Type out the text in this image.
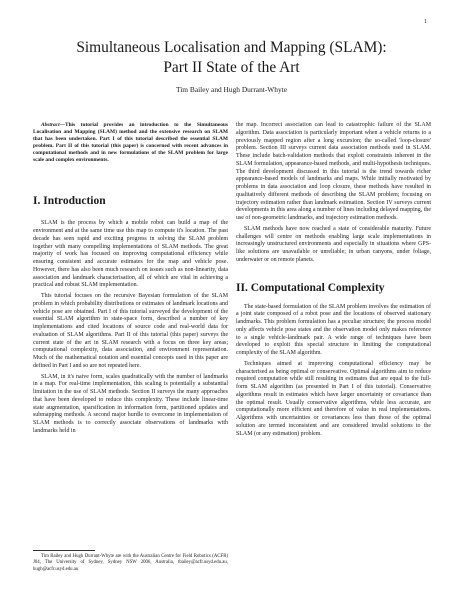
1
Simultaneous Localisation and Mapping (SLAM):
Part II State of the Art
Tim Bailey and Hugh Durrant-Whyte

Abstract—This tutorial provides an introduction to the Simultaneous Localisation and Mapping (SLAM) method and the extensive research on SLAM that has been undertaken. Part I of this tutorial described the essential SLAM problem. Part II of this tutorial (this paper) is concerned with recent advances in computational methods and in new formulations of the SLAM problem for large scale and complex environments.

I. Introduction

SLAM is the process by which a mobile robot can build a map of the environment and at the same time use this map to compute it's location. The past decade has seen rapid and exciting progress in solving the SLAM problem together with many compelling implementations of SLAM methods. The great majority of work has focused on improving computational efficiency while ensuring consistent and accurate estimates for the map and vehicle pose. However, there has also been much research on issues such as non-linearity, data association and landmark characterisation, all of which are vital in achieving a practical and robust SLAM implementation.

This tutorial focuses on the recursive Bayesian formulation of the SLAM problem in which probability distributions or estimates of landmark locations and vehicle pose are obtained. Part I of this tutorial surveyed the development of the essential SLAM algorithm in state-space form, described a number of key implementations and cited locations of source code and real-world data for evaluation of SLAM algorithms. Part II of this tutorial (this paper) surveys the current state of the art in SLAM research with a focus on three key areas; computational complexity, data association, and environment representation. Much of the mathematical notation and essential concepts used in this paper are defined in Part I and so are not repeated here.

SLAM, in it's naive form, scales quadratically with the number of landmarks in a map. For real-time implementation, this scaling is potentially a substantial limitation in the use of SLAM methods. Section II surveys the many approaches that have been developed to reduce this complexity. These include linear-time state augmentation, sparsification in information form, partitioned updates and submapping methods. A second major hurdle to overcome in implementation of SLAM methods is to correctly associate observations of landmarks with landmarks held in

Tim Bailey and Hugh Durrant-Whyte are with the Australian Centre for Field Robotics (ACFR) J04, The University of Sydney, Sydney NSW 2006, Australia, tbailey@acfr.usyd.edu.au, hugh@acfr.usyd.edu.au

the map. Incorrect association can lead to catastrophic failure of the SLAM algorithm. Data association is particularly important when a vehicle returns to a previously mapped region after a long excursion; the so-called 'loop-closure' problem. Section III surveys current data association methods used in SLAM. These include batch-validation methods that exploit constraints inherent in the SLAM formulation, appearance-based methods, and multi-hypothesis techniques. The third development discussed in this tutorial is the trend towards richer appearance-based models of landmarks and maps. While initially motivated by problems in data association and loop closure, these methods have resulted in qualitatively different methods of describing the SLAM problem; focusing on trajectory estimation rather than landmark estimation. Section IV surveys current developments in this area along a number of lines including delayed mapping, the use of non-geometric landmarks, and trajectory estimation methods.

SLAM methods have now reached a state of considerable maturity. Future challenges will centre on methods enabling large scale implementations in increasingly unstructured environments and especially in situations where GPS-like solutions are unavailable or unreliable; in urban canyons, under foliage, underwater or on remote planets.

II. Computational Complexity

The state-based formulation of the SLAM problem involves the estimation of a joint state composed of a robot pose and the locations of observed stationary landmarks. This problem formulation has a peculiar structure; the process model only affects vehicle pose states and the observation model only makes reference to a single vehicle-landmark pair. A wide range of techniques have been developed to exploit this special structure in limiting the computational complexity of the SLAM algorithm.

Techniques aimed at improving computational efficiency may be characterised as being optimal or conservative. Optimal algorithms aim to reduce required computation while still resulting in estimates that are equal to the full-form SLAM algorithm (as presented in Part I of this tutorial). Conservative algorithms result in estimates which have larger uncertainty or covariance than the optimal result. Usually conservative algorithms, while less accurate, are computationally more efficient and therefore of value in real implementations. Algorithms with uncertainties or covariances less than those of the optimal solution are termed inconsistent and are considered invalid solutions to the SLAM (or any estimation) problem.
